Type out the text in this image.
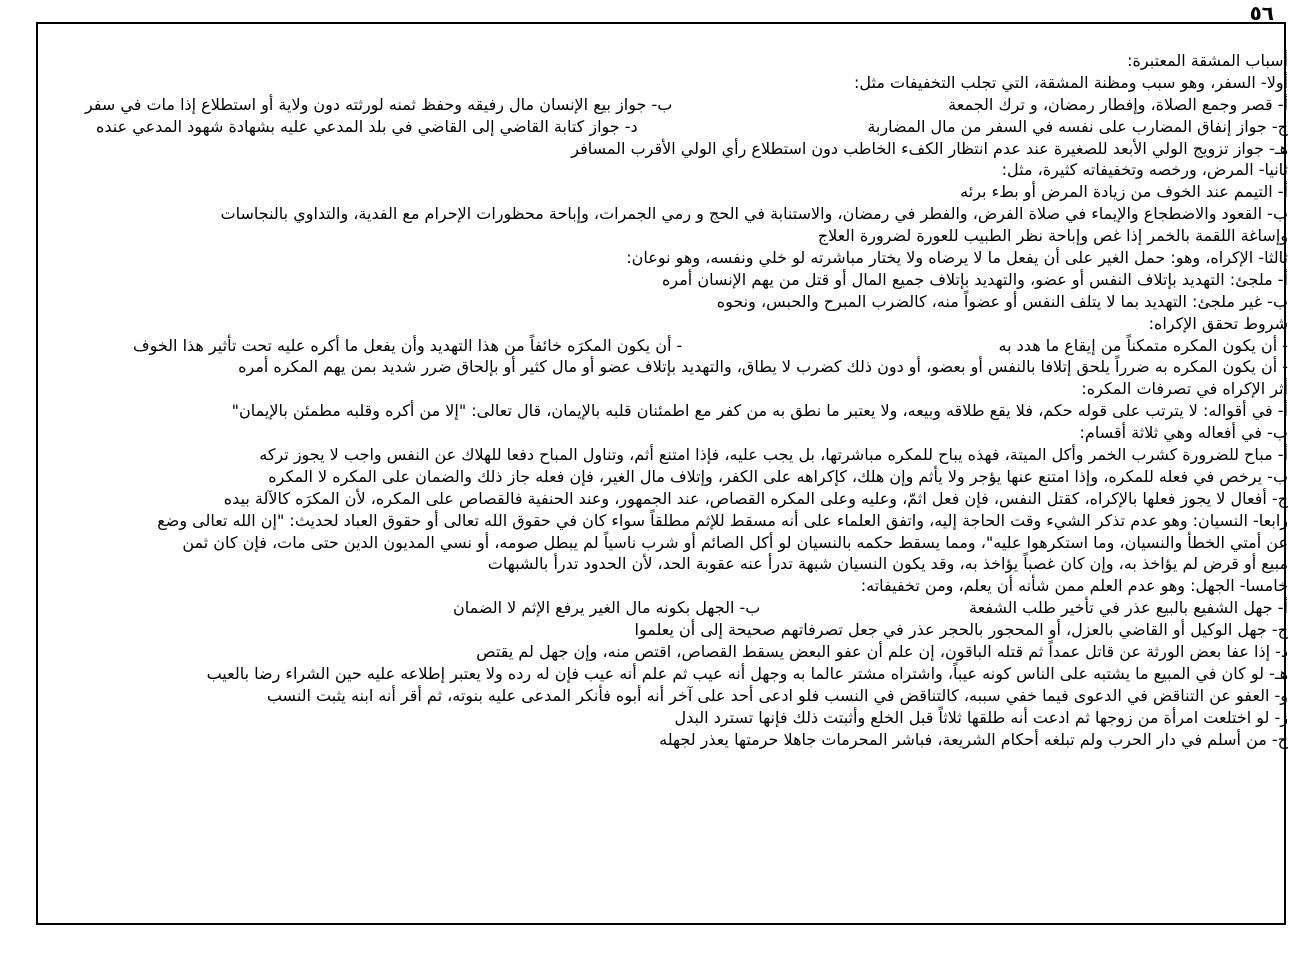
٥٦
أسباب المشقة المعتبرة:
أولا- السفر، وهو سبب ومظنة المشقة، التي تجلب التخفيفات مثل:
أ- قصر وجمع الصلاة، وإفطار رمضان، و ترك الجمعة
ب- جواز بيع الإنسان مال رفيقه وحفظ ثمنه لورثته دون ولاية أو استطلاع إذا مات في سفر
ج- جواز إنفاق المضارب على نفسه في السفر من مال المضاربة
د- جواز كتابة القاضي إلى القاضي في بلد المدعي عليه بشهادة شهود المدعي عنده
هـ- جواز تزويج الولي الأبعد للصغيرة عند عدم انتظار الكفء الخاطب دون استطلاع رأي الولي الأقرب المسافر
ثانيا- المرض، ورخصه وتخفيفاته كثيرة، مثل:
أ- التيمم عند الخوف من زيادة المرض أو بطء برئه
ب- القعود والاضطجاع والإيماء في صلاة الفرض، والفطر في رمضان، والاستنابة في الحج و رمي الجمرات، وإباحة محظورات الإحرام مع الفدية، والتداوي بالنجاسات
وإساغة اللقمة بالخمر إذا غص وإباحة نظر الطبيب للعورة لضرورة العلاج
ثالثا- الإكراه، وهو: حمل الغير على أن يفعل ما لا يرضاه ولا يختار مباشرته لو خلي ونفسه، وهو نوعان:
أ- ملجئ: التهديد بإتلاف النفس أو عضو، والتهديد بإتلاف جميع المال أو قتل من يهم الإنسان أمره
ب- غير ملجئ: التهديد بما لا يتلف النفس أو عضواً منه، كالضرب المبرح والحبس، ونحوه
شروط تحقق الإكراه:
- أن يكون المكره متمكناً من إيقاع ما هدد به
- أن يكون المكرَه خائفاً من هذا التهديد وأن يفعل ما أكره عليه تحت تأثير هذا الخوف
- أن يكون المكره به ضرراً يلحق إتلافا بالنفس أو بعضو، أو دون ذلك كضرب لا يطاق، والتهديد بإتلاف عضو أو مال كثير أو بإلحاق ضرر شديد بمن يهم المكره أمره
أثر الإكراه في تصرفات المكره:
أ- في أقواله: لا يترتب على قوله حكم، فلا يقع طلاقه وبيعه، ولا يعتبر ما نطق به من كفر مع اطمئنان قلبه بالإيمان، قال تعالى: "إلا من أكره وقلبه مطمئن بالإيمان"
ب- في أفعاله وهي ثلاثة أقسام:
أ- مباح للضرورة كشرب الخمر وأكل الميتة، فهذه يباح للمكره مباشرتها، بل يجب عليه، فإذا امتنع أثم، وتناول المباح دفعا للهلاك عن النفس واجب لا يجوز تركه
ب- يرخص في فعله للمكره، وإذا امتنع عنها يؤجر ولا يأثم وإن هلك، كإكراهه على الكفر، وإتلاف مال الغير، فإن فعله جاز ذلك والضمان على المكره لا المكره
ج- أفعال لا يجوز فعلها بالإكراه، كقتل النفس، فإن فعل اثمّ، وعليه وعلى المكره القصاص، عند الجمهور، وعند الحنفية فالقصاص على المكره، لأن المكرَه كالآلة بيده
رابعا- النسيان: وهو عدم تذكر الشيء وقت الحاجة إليه، واتفق العلماء على أنه مسقط للإثم مطلقاً سواء كان في حقوق الله تعالى أو حقوق العباد لحديث: "إن الله تعالى وضع
عن أمتي الخطأ والنسيان، وما استكرهوا عليه"، ومما يسقط حكمه بالنسيان لو أكل الصائم أو شرب ناسياً لم يبطل صومه، أو نسي المديون الدين حتى مات، فإن كان ثمن
مبيع أو قرض لم يؤاخذ به، وإن كان غصباً يؤاخذ به، وقد يكون النسيان شبهة تدرأ عنه عقوبة الحد، لأن الحدود تدرأ بالشبهات
خامسا- الجهل: وهو عدم العلم ممن شأنه أن يعلم، ومن تخفيفاته:
أ- جهل الشفيع بالبيع عذر في تأخير طلب الشفعة
ب- الجهل بكونه مال الغير يرفع الإثم لا الضمان
ج- جهل الوكيل أو القاضي بالعزل، أو المحجور بالحجر عذر في جعل تصرفاتهم صحيحة إلى أن يعلموا
د- إذا عفا بعض الورثة عن قاتل عمداً ثم قتله الباقون، إن علم أن عفو البعض يسقط القصاص، اقتص منه، وإن جهل لم يقتص
هـ- لو كان في المبيع ما يشتبه على الناس كونه عيباً، واشتراه مشتر عالما به وجهل أنه عيب ثم علم أنه عيب فإن له رده ولا يعتبر إطلاعه عليه حين الشراء رضا بالعيب
و- العفو عن التناقض في الدعوى فيما خفي سببه، كالتناقض في النسب فلو ادعى أحد على آخر أنه أبوه فأنكر المدعى عليه بنوته، ثم أقر أنه ابنه يثبت النسب
ز- لو اختلعت امرأة من زوجها ثم ادعت أنه طلقها ثلاثاً قبل الخلع وأثبتت ذلك فإنها تسترد البدل
ح- من أسلم في دار الحرب ولم تبلغه أحكام الشريعة، فباشر المحرمات جاهلا حرمتها يعذر لجهله
